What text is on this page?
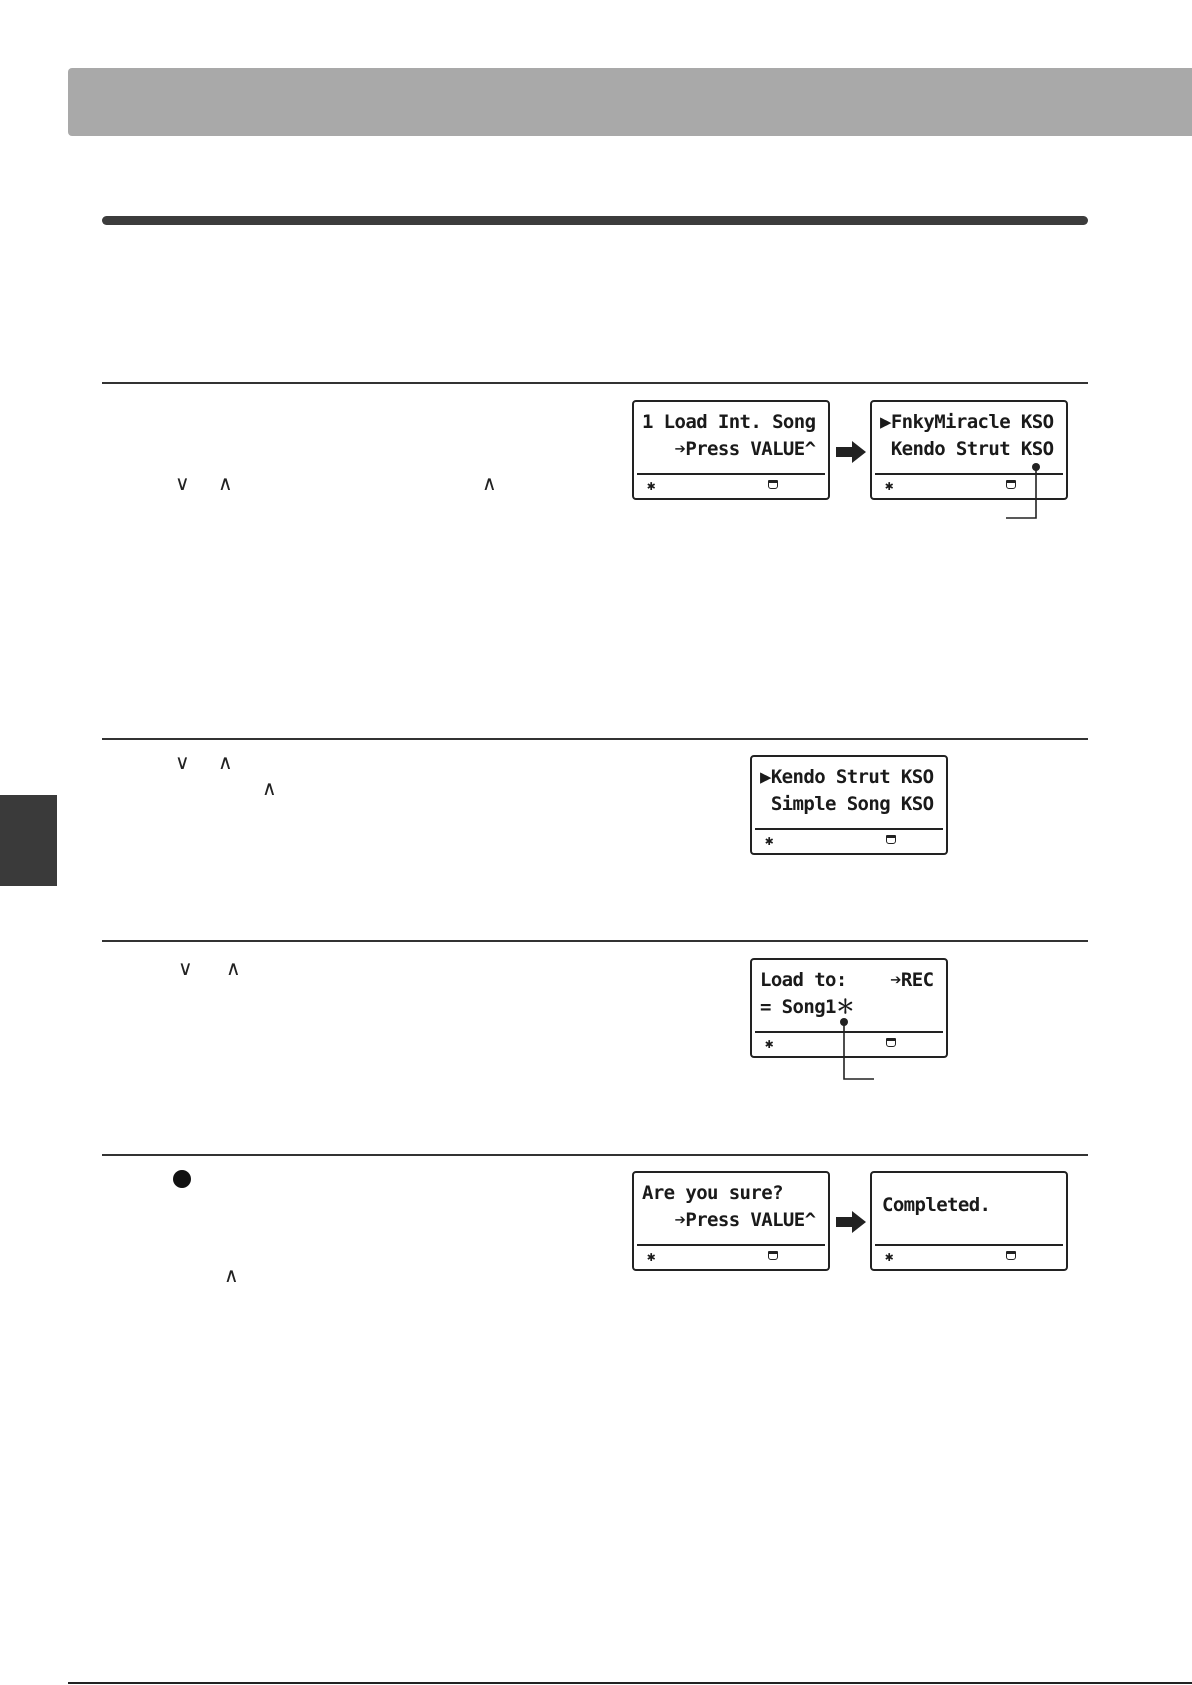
∨ ∧	∧
1 Load Int. Song
➔Press VALUE^
✱
▶FnkyMiracle KSO
Kendo Strut KSO
✱
∨ ∧
∧	▶Kendo Strut KSO
Simple Song KSO
✱
∨ ∧	Load to:    ➔REC
= Song1＊
✱
∧
Are you sure?
➔Press VALUE^
✱
Completed.
✱
